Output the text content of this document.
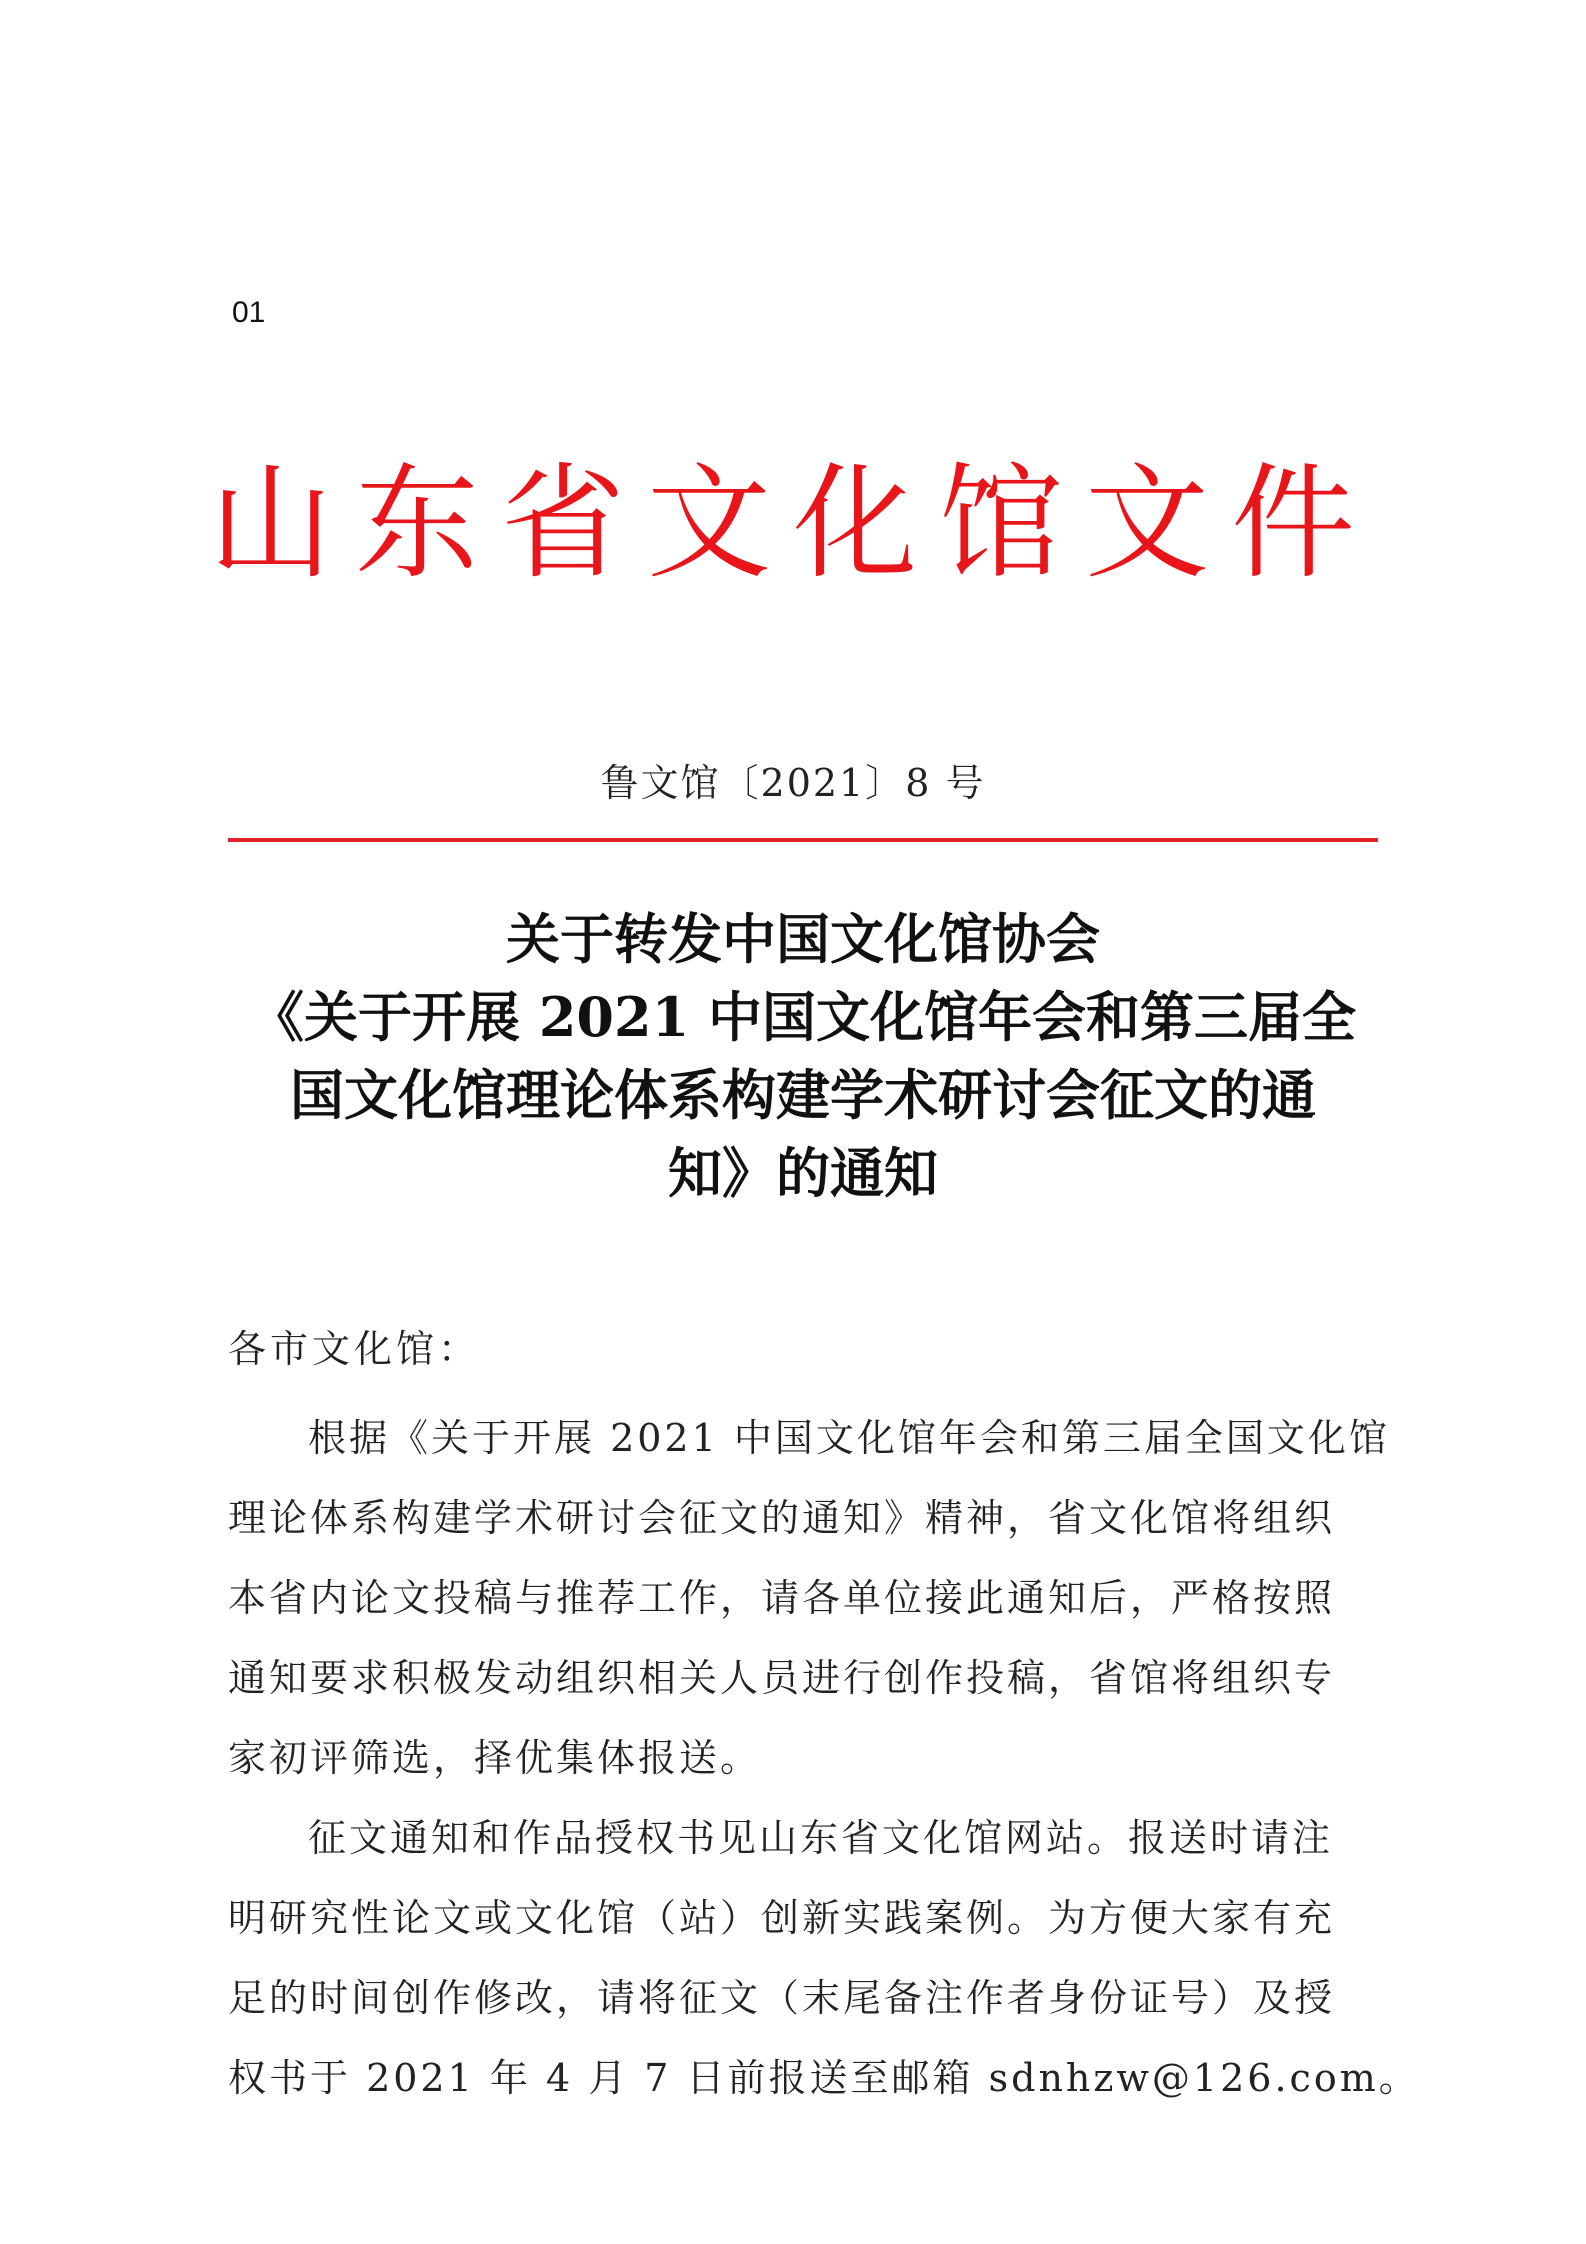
01

山东省文化馆文件

鲁文馆〔2021〕8 号

关于转发中国文化馆协会
《关于开展 2021 中国文化馆年会和第三届全
国文化馆理论体系构建学术研讨会征文的通
知》的通知

各市文化馆：

根据《关于开展 2021 中国文化馆年会和第三届全国文化馆
理论体系构建学术研讨会征文的通知》精神，省文化馆将组织
本省内论文投稿与推荐工作，请各单位接此通知后，严格按照
通知要求积极发动组织相关人员进行创作投稿，省馆将组织专
家初评筛选，择优集体报送。
征文通知和作品授权书见山东省文化馆网站。报送时请注
明研究性论文或文化馆（站）创新实践案例。为方便大家有充
足的时间创作修改，请将征文（末尾备注作者身份证号）及授
权书于 2021 年 4 月 7 日前报送至邮箱 sdnhzw@126.com。
